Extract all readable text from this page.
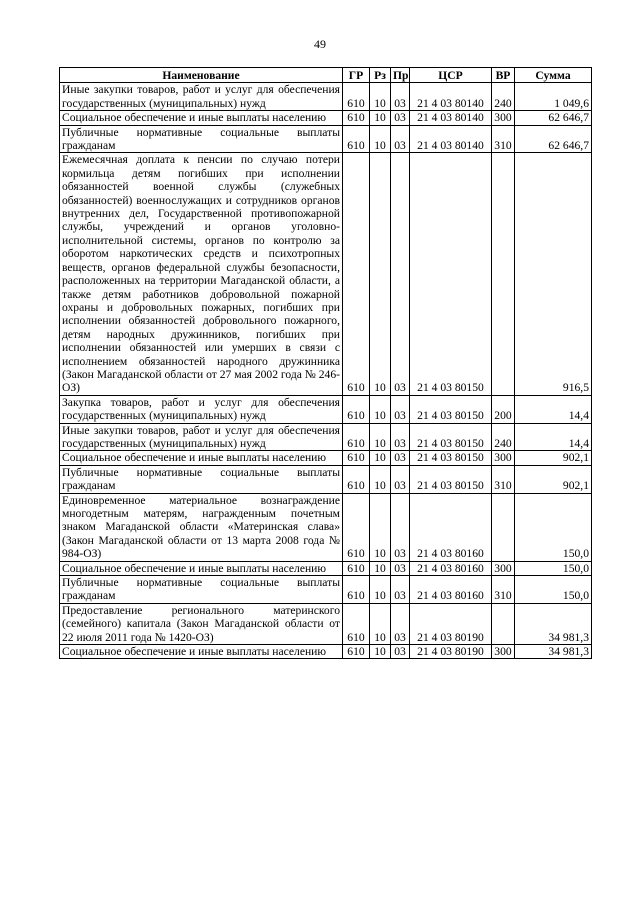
49
Наименование	ГР	Рз	Пр	ЦСР	ВР	Сумма
Иные закупки товаров, работ и услуг для обеспечения государственных (муниципальных) нужд	610	10	03	21 4 03 80140	240	1 049,6
Социальное обеспечение и иные выплаты населению	610	10	03	21 4 03 80140	300	62 646,7
Публичные нормативные социальные выплаты гражданам	610	10	03	21 4 03 80140	310	62 646,7
Ежемесячная доплата к пенсии по случаю потери кормильца детям погибших при исполнении обязанностей военной службы (служебных обязанностей) военнослужащих и сотрудников органов внутренних дел, Государственной противопожарной службы, учреждений и органов уголовно-исполнительной системы, органов по контролю за оборотом наркотических средств и психотропных веществ, органов федеральной службы безопасности, расположенных на территории Магаданской области, а также детям работников добровольной пожарной охраны и добровольных пожарных, погибших при исполнении обязанностей добровольного пожарного, детям народных дружинников, погибших при исполнении обязанностей или умерших в связи с исполнением обязанностей народного дружинника (Закон Магаданской области от 27 мая 2002 года № 246-ОЗ)	610	10	03	21 4 03 80150		916,5
Закупка товаров, работ и услуг для обеспечения государственных (муниципальных) нужд	610	10	03	21 4 03 80150	200	14,4
Иные закупки товаров, работ и услуг для обеспечения государственных (муниципальных) нужд	610	10	03	21 4 03 80150	240	14,4
Социальное обеспечение и иные выплаты населению	610	10	03	21 4 03 80150	300	902,1
Публичные нормативные социальные выплаты гражданам	610	10	03	21 4 03 80150	310	902,1
Единовременное материальное вознаграждение многодетным матерям, награжденным почетным знаком Магаданской области «Материнская слава» (Закон Магаданской области от 13 марта 2008 года № 984-ОЗ)	610	10	03	21 4 03 80160		150,0
Социальное обеспечение и иные выплаты населению	610	10	03	21 4 03 80160	300	150,0
Публичные нормативные социальные выплаты гражданам	610	10	03	21 4 03 80160	310	150,0
Предоставление регионального материнского (семейного) капитала (Закон Магаданской области от 22 июля 2011 года № 1420-ОЗ)	610	10	03	21 4 03 80190		34 981,3
Социальное обеспечение и иные выплаты населению	610	10	03	21 4 03 80190	300	34 981,3
